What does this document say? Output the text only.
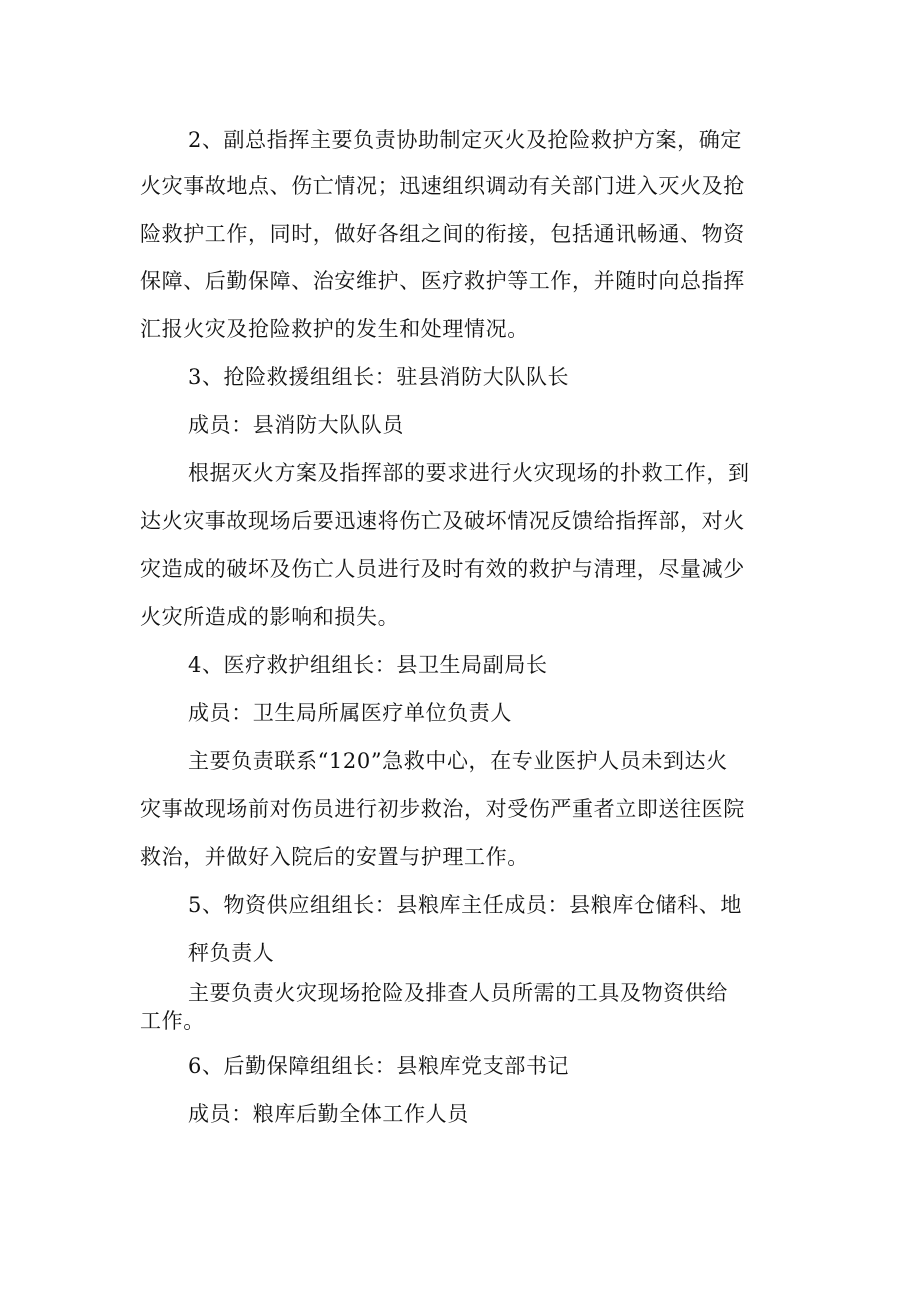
2、副总指挥主要负责协助制定灭火及抢险救护方案，确定
火灾事故地点、伤亡情况；迅速组织调动有关部门进入灭火及抢
险救护工作，同时，做好各组之间的衔接，包括通讯畅通、物资
保障、后勤保障、治安维护、医疗救护等工作，并随时向总指挥
汇报火灾及抢险救护的发生和处理情况。
3、抢险救援组组长：驻县消防大队队长
成员：县消防大队队员
根据灭火方案及指挥部的要求进行火灾现场的扑救工作，到
达火灾事故现场后要迅速将伤亡及破坏情况反馈给指挥部，对火
灾造成的破坏及伤亡人员进行及时有效的救护与清理，尽量减少
火灾所造成的影响和损失。
4、医疗救护组组长：县卫生局副局长
成员：卫生局所属医疗单位负责人
主要负责联系“120”急救中心，在专业医护人员未到达火
灾事故现场前对伤员进行初步救治，对受伤严重者立即送往医院
救治，并做好入院后的安置与护理工作。
5、物资供应组组长：县粮库主任成员：县粮库仓储科、地
秤负责人
主要负责火灾现场抢险及排查人员所需的工具及物资供给
工作。
6、后勤保障组组长：县粮库党支部书记
成员：粮库后勤全体工作人员
